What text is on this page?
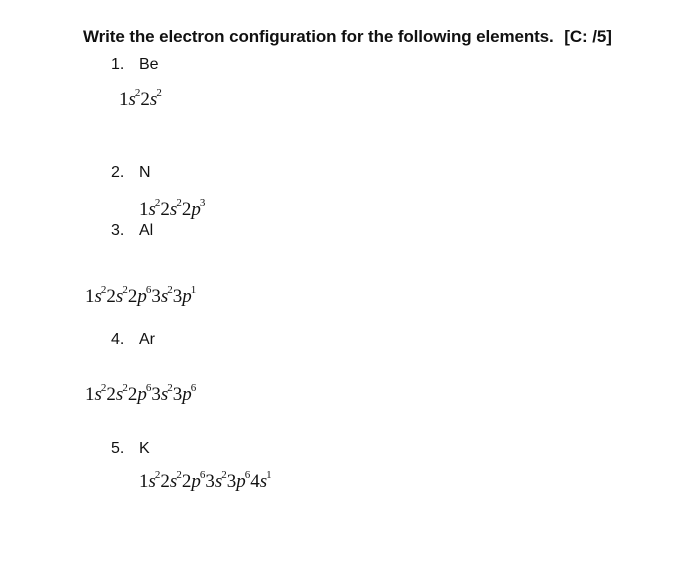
Write the electron configuration for the following elements. [C: /5]
1. Be
$1s^22s^2$
2. N
$1s^22s^22p^3$
3. Al
$1s^22s^22p^63s^23p^1$
4. Ar
$1s^22s^22p^63s^23p^6$
5. K
$1s^22s^22p^63s^23p^64s^1$
